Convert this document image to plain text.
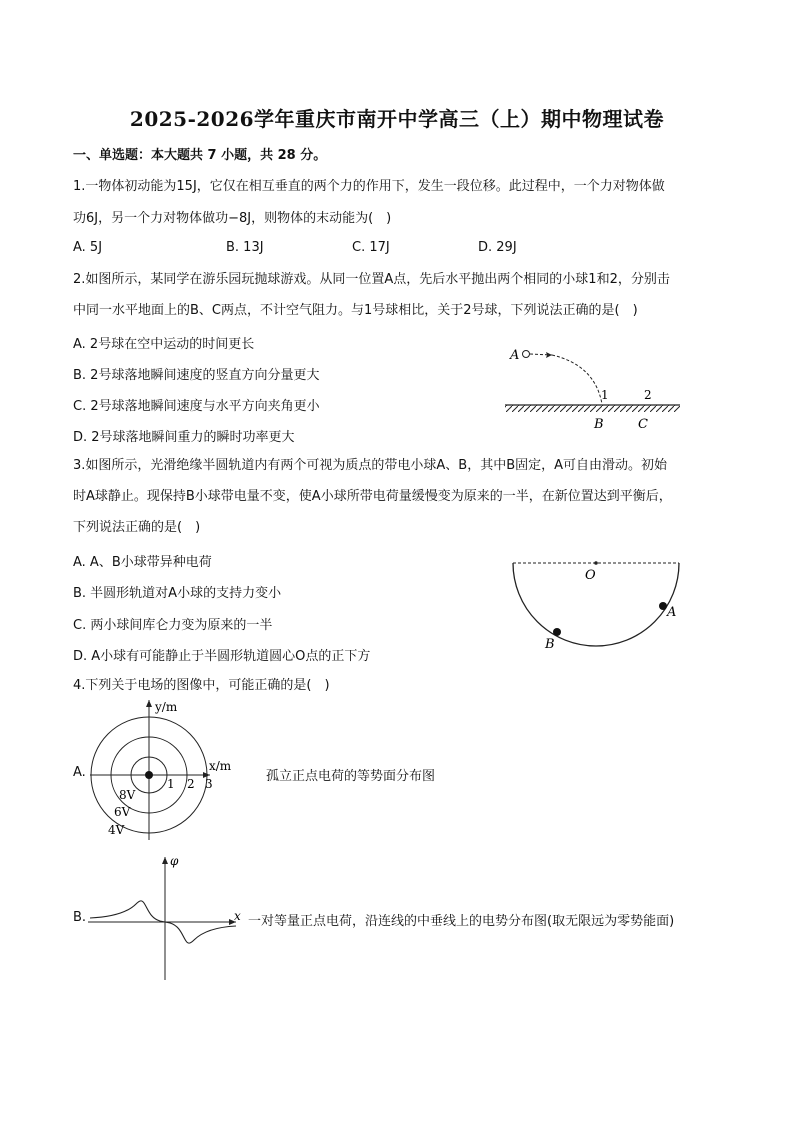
2025-2026学年重庆市南开中学高三（上）期中物理试卷
一、单选题：本大题共 7 小题，共 28 分。
1.一物体初动能为15J，它仅在相互垂直的两个力的作用下，发生一段位移。此过程中，一个力对物体做
功6J，另一个力对物体做功−8J，则物体的末动能为(　)
A. 5J	B. 13J	C. 17J	D. 29J
2.如图所示，某同学在游乐园玩抛球游戏。从同一位置A点，先后水平抛出两个相同的小球1和2，分别击
中同一水平地面上的B、C两点，不计空气阻力。与1号球相比，关于2号球，下列说法正确的是(　)
A. 2号球在空中运动的时间更长
B. 2号球落地瞬间速度的竖直方向分量更大
C. 2号球落地瞬间速度与水平方向夹角更小
D. 2号球落地瞬间重力的瞬时功率更大
A
1	2
B	C
3.如图所示，光滑绝缘半圆轨道内有两个可视为质点的带电小球A、B，其中B固定，A可自由滑动。初始
时A球静止。现保持B小球带电量不变，使A小球所带电荷量缓慢变为原来的一半，在新位置达到平衡后，
下列说法正确的是(　)
A. A、B小球带异种电荷
B. 半圆形轨道对A小球的支持力变小
C. 两小球间库仑力变为原来的一半
D. A小球有可能静止于半圆形轨道圆心O点的正下方
O
A
B
4.下列关于电场的图像中，可能正确的是(　)
A.
y/m
x/m
1 2 3
8V
6V
4V
孤立正点电荷的等势面分布图
B.
φ
x 一对等量正点电荷，沿连线的中垂线上的电势分布图(取无限远为零势能面)
